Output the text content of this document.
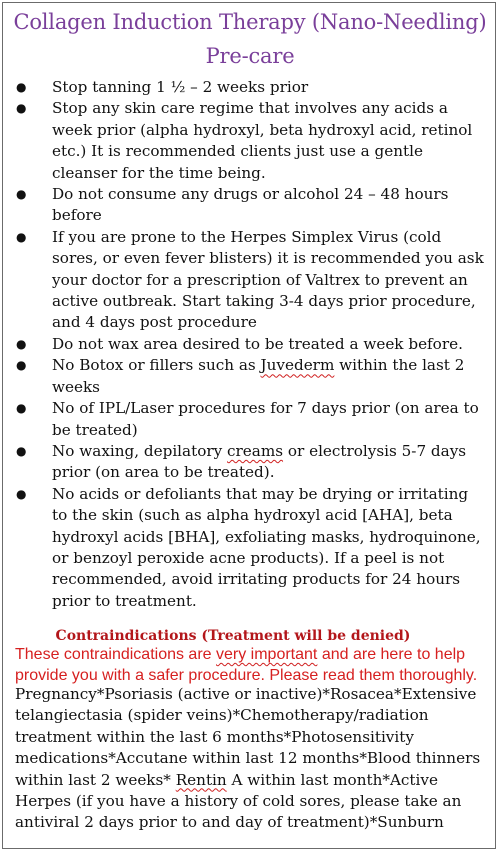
Collagen Induction Therapy (Nano-Needling)
Pre-care
● Stop tanning 1 ½ – 2 weeks prior
● Stop any skin care regime that involves any acids a week prior (alpha hydroxyl, beta hydroxyl acid, retinol etc.) It is recommended clients just use a gentle cleanser for the time being.
● Do not consume any drugs or alcohol 24 – 48 hours before
● If you are prone to the Herpes Simplex Virus (cold sores, or even fever blisters) it is recommended you ask your doctor for a prescription of Valtrex to prevent an active outbreak. Start taking 3-4 days prior procedure, and 4 days post procedure
● Do not wax area desired to be treated a week before.
● No Botox or fillers such as Juvederm within the last 2 weeks
● No of IPL/Laser procedures for 7 days prior (on area to be treated)
● No waxing, depilatory creams or electrolysis 5-7 days prior (on area to be treated).
● No acids or defoliants that may be drying or irritating to the skin (such as alpha hydroxyl acid [AHA], beta hydroxyl acids [BHA], exfoliating masks, hydroquinone, or benzoyl peroxide acne products). If a peel is not recommended, avoid irritating products for 24 hours prior to treatment.
Contraindications (Treatment will be denied)
These contraindications are very important and are here to help provide you with a safer procedure. Please read them thoroughly.
Pregnancy*Psoriasis (active or inactive)*Rosacea*Extensive telangiectasia (spider veins)*Chemotherapy/radiation treatment within the last 6 months*Photosensitivity medications*Accutane within last 12 months*Blood thinners within last 2 weeks* Rentin A within last month*Active Herpes (if you have a history of cold sores, please take an antiviral 2 days prior to and day of treatment)*Sunburn
